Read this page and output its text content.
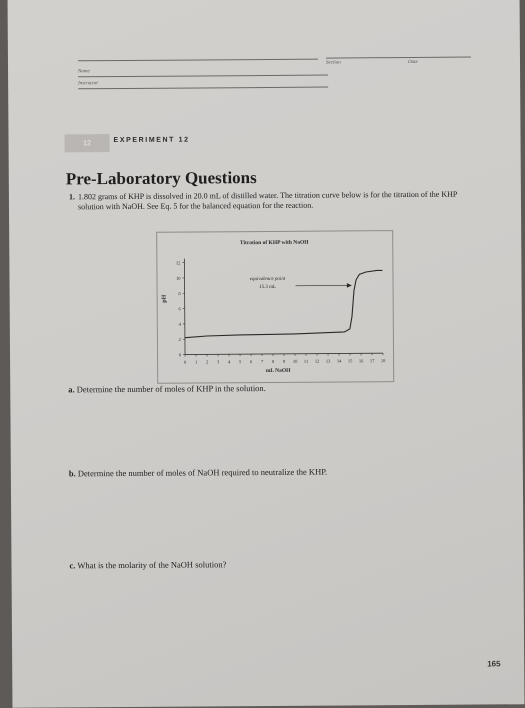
Section	Date
Name
Instructor
12	EXPERIMENT 12
Pre-Laboratory Questions
1. 1.802 grams of KHP is dissolved in 20.0 mL of distilled water. The titration curve below is for the titration of the KHP solution with NaOH. See Eq. 5 for the balanced equation for the reaction.
Titration of KHP with NaOH
pH
mL NaOH
equivalence point
15.3 mL
0
2
4
6
8
10
12
0 1 2 3 4 5 6 7 8 9 10 11 12 13 14 15 16 17 18
a. Determine the number of moles of KHP in the solution.
b. Determine the number of moles of NaOH required to neutralize the KHP.
c. What is the molarity of the NaOH solution?
165
